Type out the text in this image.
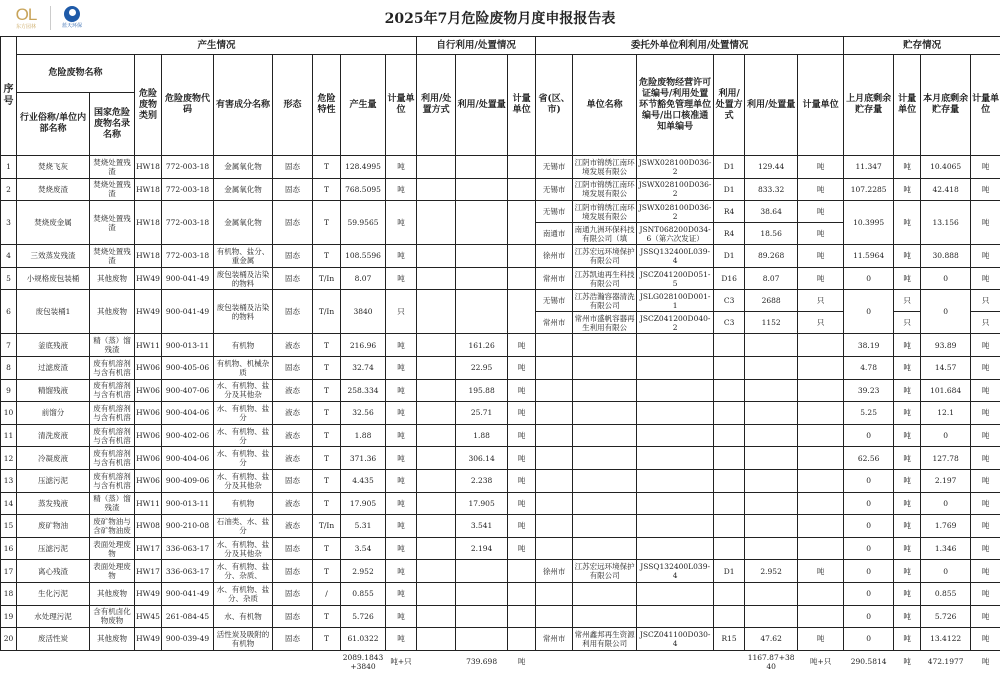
OL
东方园林	蓝天环保	2025年7月危险废物月度申报报告表
序号	产生情况	自行利用/处置情况	委托外单位利利用/处置情况	贮存情况
危险废物名称	危险废物类别	危险废物代码	有害成分名称	形态	危险特性	产生量	计量单位	利用/处置方式	利用/处置量	计量单位	省(区、市)	单位名称	危险废物经营许可证编号/利用处置环节豁免管理单位编号/出口核准通知单编号	利用/处置方式	利用/处置量	计量单位	上月底剩余贮存量	计量单位	本月底剩余贮存量	计量单位
行业俗称/单位内部名称	国家危险废物名录名称

1	焚烧飞灰	焚烧处置残渣	HW18	772-003-18	金属氧化物	固态	T	128.4995	吨				无锡市	江阴市锦绣江南环境发展有限公

JSWX028100D036-2	D1	129.44	吨	11.347	吨	10.4065	吨

2	焚烧废渣	焚烧处置残渣	HW18	772-003-18	金属氧化物	固态	T	768.5095	吨				无锡市	江阴市锦绣江南环境发展有限公

JSWX028100D036-2	D1	833.32	吨	107.2285	吨	42.418	吨

3	焚烧废金属	焚烧处置残渣	HW18	772-003-18	金属氧化物	固态	T	59.9565	吨

无锡市	江阴市锦绣江南环境发展有限公

JSWX028100D036-2	R4	38.64	吨

10.3995	吨	13.156	吨

南通市	南通九洲环保科技有限公司（填

JSNT068200D034-6（第六次发证）	R4	18.56	吨

4	三效蒸发残渣	焚烧处置残渣	HW18	772-003-18	有机物、盐分、重金属	固态	T	108.5596	吨				徐州市	江苏宏远环境保护有限公司

JSSQ132400L039-4	D1	89.268	吨	11.5964	吨	30.888	吨

5	小规格废包装桶	其他废物	HW49	900-041-49	废包装桶及沾染的物料	固态	T/In	8.07	吨				常州市	江苏凯迪再生科技有限公司

JSCZ041200D051-5	D16	8.07	吨	0	吨	0	吨

6	废包装桶1	其他废物	HW49	900-041-49	废包装桶及沾染的物料	固态	T/In	3840	只

无锡市	江苏浩瀚容器清洗有限公司

JSLG028100D001-1	C3	2688	只

0

只

0

只

常州市	常州市盛帆容器再生利用有限公

JSCZ041200D040-2	C3	1152	只	只	只

7	釜底残液	精（蒸）馏残渣	HW11	900-013-11	有机物	液态	T	216.96	吨		161.26	吨							38.19	吨	93.89	吨

8	过滤废渣	废有机溶剂与含有机溶	HW06	900-405-06	有机物、机械杂质	固态	T	32.74	吨		22.95	吨							4.78	吨	14.57	吨

9	精馏残液	废有机溶剂与含有机溶	HW06	900-407-06	水、有机物、盐分及其他杂	液态	T	258.334	吨		195.88	吨							39.23	吨	101.684	吨

10	前馏分	废有机溶剂与含有机溶	HW06	900-404-06	水、有机物、盐分	液态	T	32.56	吨		25.71	吨							5.25	吨	12.1	吨

11	清洗废液	废有机溶剂与含有机溶	HW06	900-402-06	水、有机物、盐分	液态	T	1.88	吨		1.88	吨							0	吨	0	吨

12	冷凝废液	废有机溶剂与含有机溶	HW06	900-404-06	水、有机物、盐分	液态	T	371.36	吨		306.14	吨							62.56	吨	127.78	吨

13	压滤污泥	废有机溶剂与含有机溶	HW06	900-409-06	水、有机物、盐分及其他杂	固态	T	4.435	吨		2.238	吨							0	吨	2.197	吨

14	蒸发残液	精（蒸）馏残渣	HW11	900-013-11	有机物	液态	T	17.905	吨		17.905	吨							0	吨	0	吨

15	废矿物油	废矿物油与含矿物油废	HW08	900-210-08	石油类、水、盐分	液态	T/In	5.31	吨		3.541	吨							0	吨	1.769	吨

16	压滤污泥	表面处理废物	HW17	336-063-17	水、有机物、盐分及其他杂	固态	T	3.54	吨		2.194	吨							0	吨	1.346	吨

17	离心残渣	表面处理废物	HW17	336-063-17	水、有机物、盐分、杂质、	固态	T	2.952	吨				徐州市	江苏宏远环境保护有限公司

JSSQ132400L039-4	D1	2.952	吨	0	吨	0	吨

18	生化污泥	其他废物	HW49	900-041-49	水、有机物、盐分、杂质	固态	/	0.855	吨										0	吨	0.855	吨

19	水处理污泥	含有机卤化物废物	HW45	261-084-45	水、有机物	固态	T	5.726	吨										0	吨	5.726	吨

20	废活性炭	其他废物	HW49	900-039-49	活性炭及吸附的有机物	固态	T	61.0322	吨				常州市	常州鑫邦再生资源利用有限公司

JSCZ041100D030-4	R15	47.62	吨	0	吨	13.4122	吨

	2089.1843+3840	吨+只		739.698	吨		1167.87+3840	吨+只	290.5814	吨	472.1977	吨
